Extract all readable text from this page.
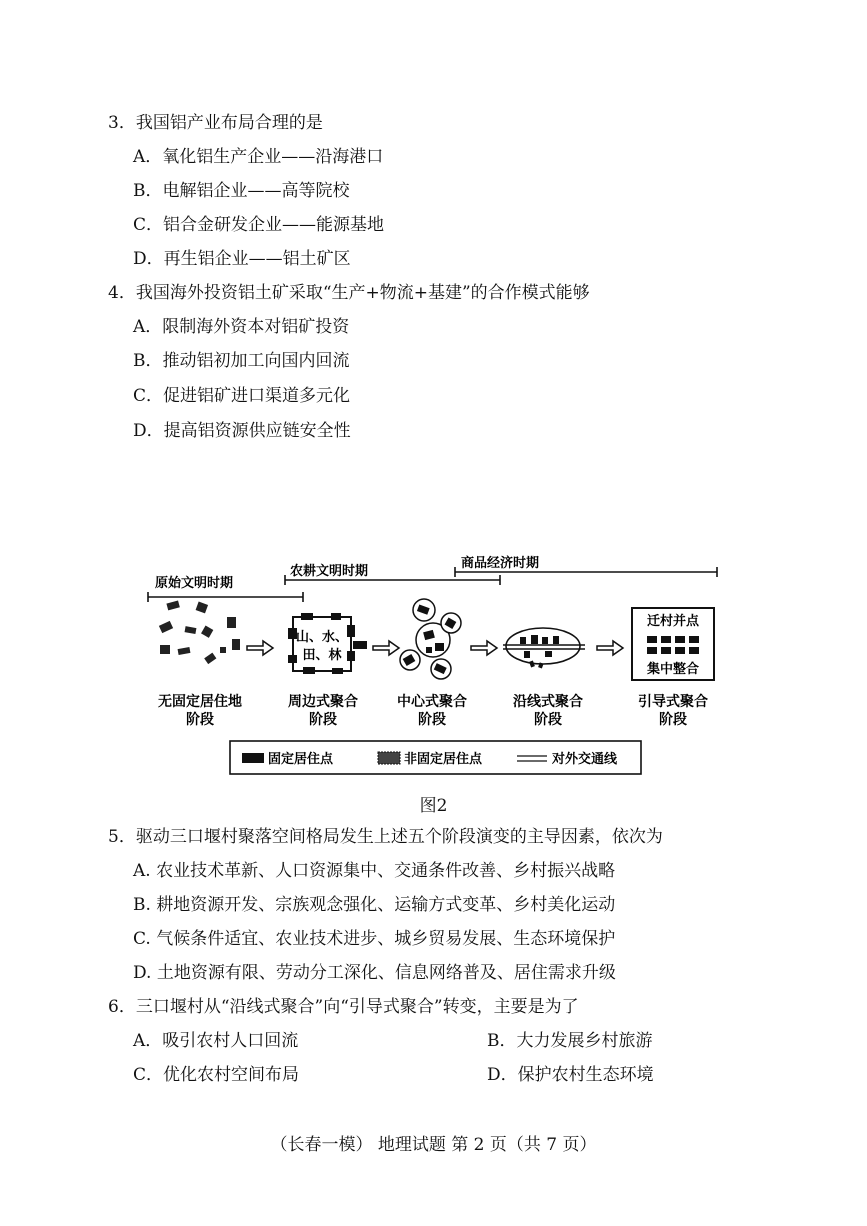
3．我国铝产业布局合理的是
A．氧化铝生产企业——沿海港口
B．电解铝企业——高等院校
C．铝合金研发企业——能源基地
D．再生铝企业——铝土矿区
4．我国海外投资铝土矿采取“生产+物流+基建”的合作模式能够
A．限制海外资本对铝矿投资
B．推动铝初加工向国内回流
C．促进铝矿进口渠道多元化
D．提高铝资源供应链安全性
原始文明时期
农耕文明时期
商品经济时期
山、水、
田、林
迁村并点
集中整合
无固定居住地
阶段
周边式聚合
阶段
中心式聚合
阶段
沿线式聚合
阶段
引导式聚合
阶段
固定居住点	非固定居住点	对外交通线
图2
5．驱动三口堰村聚落空间格局发生上述五个阶段演变的主导因素，依次为
A. 农业技术革新、人口资源集中、交通条件改善、乡村振兴战略
B. 耕地资源开发、宗族观念强化、运输方式变革、乡村美化运动
C. 气候条件适宜、农业技术进步、城乡贸易发展、生态环境保护
D. 土地资源有限、劳动分工深化、信息网络普及、居住需求升级
6．三口堰村从“沿线式聚合”向“引导式聚合”转变，主要是为了
A．吸引农村人口回流	B．大力发展乡村旅游
C．优化农村空间布局	D．保护农村生态环境
（长春一模） 地理试题 第 2 页（共 7 页）
